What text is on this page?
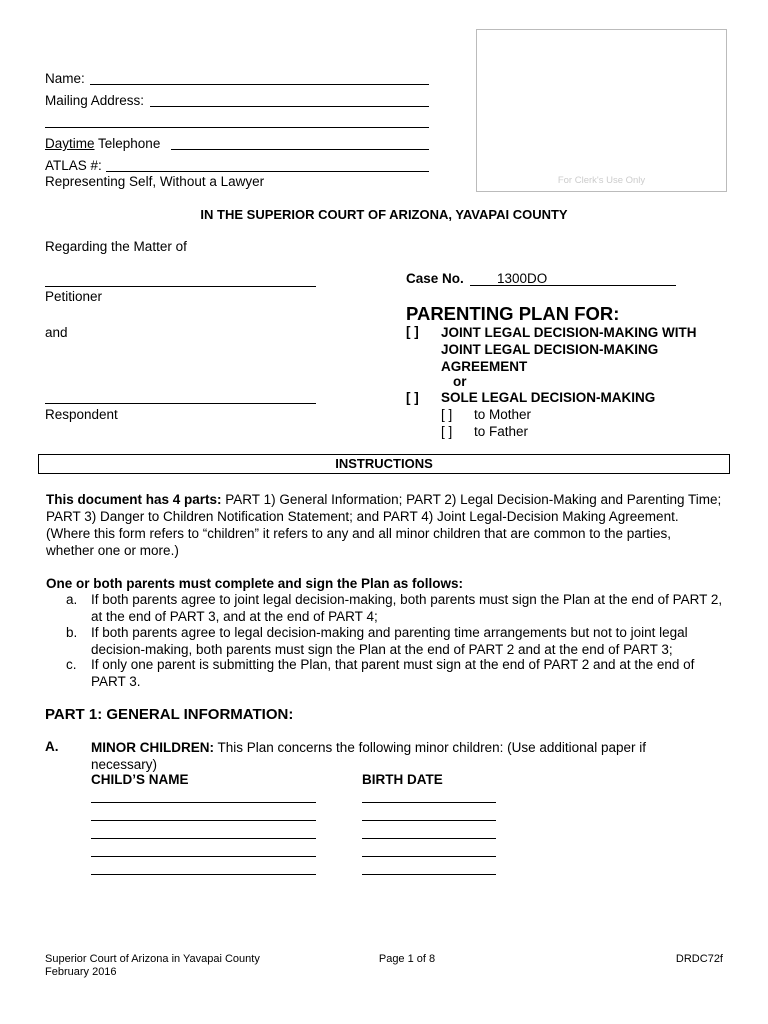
Name:
Mailing Address:
Daytime Telephone
ATLAS #:
Representing Self, Without a Lawyer	For Clerk's Use Only
IN THE SUPERIOR COURT OF ARIZONA, YAVAPAI COUNTY
Regarding the Matter of
Petitioner
and
Respondent
Case No. 1300DO
PARENTING PLAN FOR:
[ ] JOINT LEGAL DECISION-MAKING WITH
JOINT LEGAL DECISION-MAKING
AGREEMENT
or
[ ] SOLE LEGAL DECISION-MAKING
[ ] to Mother
[ ] to Father
INSTRUCTIONS
This document has 4 parts: PART 1) General Information; PART 2) Legal Decision-Making and Parenting Time; PART 3) Danger to Children Notification Statement; and PART 4) Joint Legal-Decision Making Agreement. (Where this form refers to “children” it refers to any and all minor children that are common to the parties, whether one or more.)
One or both parents must complete and sign the Plan as follows:
a.	If both parents agree to joint legal decision-making, both parents must sign the Plan at the end of PART 2, at the end of PART 3, and at the end of PART 4;
b.	If both parents agree to legal decision-making and parenting time arrangements but not to joint legal decision-making, both parents must sign the Plan at the end of PART 2 and at the end of PART 3;
c.	If only one parent is submitting the Plan, that parent must sign at the end of PART 2 and at the end of PART 3.
PART 1: GENERAL INFORMATION:
A. MINOR CHILDREN: This Plan concerns the following minor children: (Use additional paper if necessary)
CHILD’S NAME	BIRTH DATE
Superior Court of Arizona in Yavapai County
February 2016
Page 1 of 8	DRDC72f
